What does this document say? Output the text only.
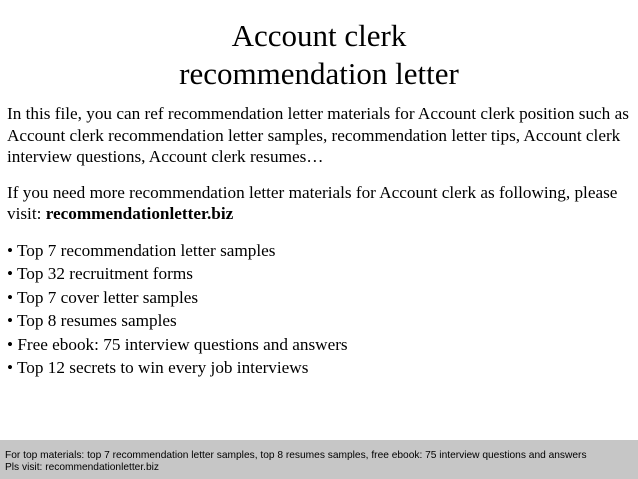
Account clerk
recommendation letter

In this file, you can ref recommendation letter materials for Account clerk position such as Account clerk recommendation letter samples, recommendation letter tips, Account clerk interview questions, Account clerk resumes…

If you need more recommendation letter materials for Account clerk as following, please visit: recommendationletter.biz

• Top 7 recommendation letter samples
• Top 32 recruitment forms
• Top 7 cover letter samples
• Top 8 resumes samples
• Free ebook: 75 interview questions and answers
• Top 12 secrets to win every job interviews
For top materials: top 7 recommendation letter samples, top 8 resumes samples, free ebook: 75 interview questions and answers
Pls visit: recommendationletter.biz
